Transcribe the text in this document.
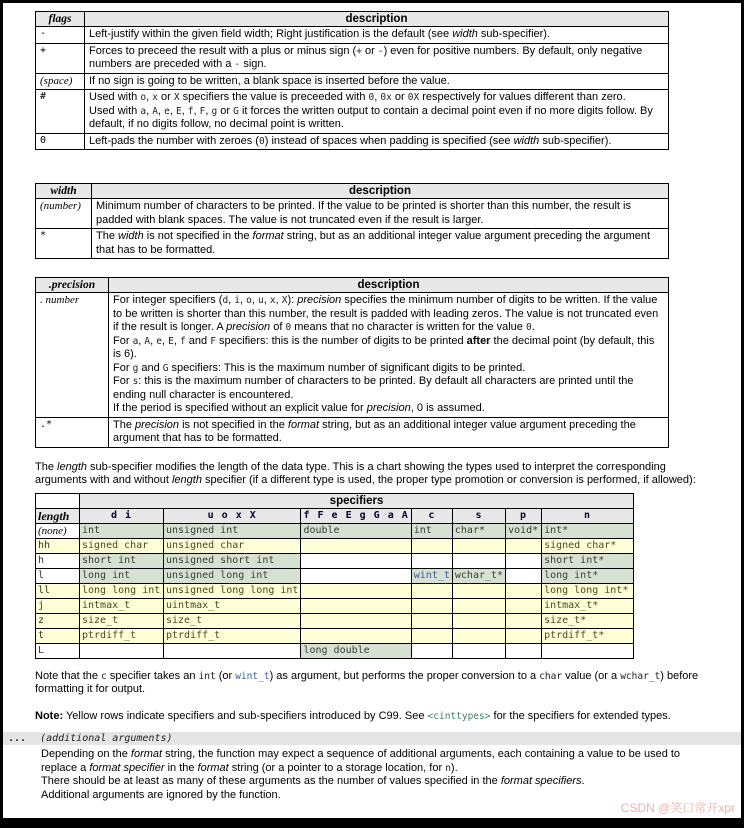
flags	description
-	Left-justify within the given field width; Right justification is the default (see width sub-specifier).
+	Forces to preceed the result with a plus or minus sign (+ or -) even for positive numbers. By default, only negative numbers are preceded with a - sign.
(space)	If no sign is going to be written, a blank space is inserted before the value.
#	Used with o, x or X specifiers the value is preceeded with 0, 0x or 0X respectively for values different than zero.
Used with a, A, e, E, f, F, g or G it forces the written output to contain a decimal point even if no more digits follow. By default, if no digits follow, no decimal point is written.
0	Left-pads the number with zeroes (0) instead of spaces when padding is specified (see width sub-specifier).
width	description
(number)	Minimum number of characters to be printed. If the value to be printed is shorter than this number, the result is padded with blank spaces. The value is not truncated even if the result is larger.
*	The width is not specified in the format string, but as an additional integer value argument preceding the argument that has to be formatted.
.precision	description
. number	For integer specifiers (d, i, o, u, x, X): precision specifies the minimum number of digits to be written. If the value to be written is shorter than this number, the result is padded with leading zeros. The value is not truncated even if the result is longer. A precision of 0 means that no character is written for the value 0.
For a, A, e, E, f and F specifiers: this is the number of digits to be printed after the decimal point (by default, this is 6).
For g and G specifiers: This is the maximum number of significant digits to be printed.
For s: this is the maximum number of characters to be printed. By default all characters are printed until the ending null character is encountered.
If the period is specified without an explicit value for precision, 0 is assumed.
.*	The precision is not specified in the format string, but as an additional integer value argument preceding the argument that has to be formatted.

The length sub-specifier modifies the length of the data type. This is a chart showing the types used to interpret the corresponding arguments with and without length specifier (if a different type is used, the proper type promotion or conversion is performed, if allowed):

	specifiers						
length	d i	u o x X	f F e E g G a A	c	s	p	n
(none)	int	unsigned int	double	int	char*	void*	int*
hh	signed char	unsigned char					signed char*
h	short int	unsigned short int					short int*
l	long int	unsigned long int		wint_t	wchar_t*		long int*
ll	long long int	unsigned long long int					long long int*
j	intmax_t	uintmax_t					intmax_t*
z	size_t	size_t					size_t*
t	ptrdiff_t	ptrdiff_t					ptrdiff_t*
L			long double				

Note that the c specifier takes an int (or wint_t) as argument, but performs the proper conversion to a char value (or a wchar_t) before formatting it for output.

Note: Yellow rows indicate specifiers and sub-specifiers introduced by C99. See <cinttypes> for the specifiers for extended types.

... (additional arguments)

Depending on the format string, the function may expect a sequence of additional arguments, each containing a value to be used to replace a format specifier in the format string (or a pointer to a storage location, for n).
There should be at least as many of these arguments as the number of values specified in the format specifiers.
Additional arguments are ignored by the function.

CSDN @笑口常开xpr
